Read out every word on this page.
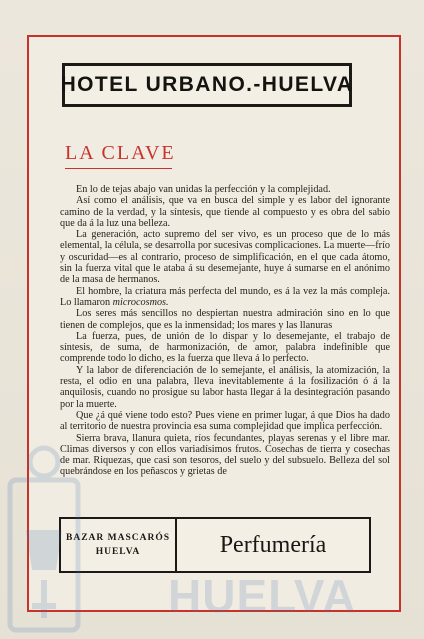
HOTEL URBANO.-HUELVA
LA CLAVE

En lo de tejas abajo van unidas la perfección y la complejidad.

Así como el análisis, que va en busca del simple y es labor del ignorante camino de la verdad, y la síntesis, que tiende al compuesto y es obra del sabio que da á la luz una belleza.

La generación, acto supremo del ser vivo, es un proceso que de lo más elemental, la célula, se desarrolla por sucesivas complicaciones. La muerte—frío y oscuridad—es al contrario, proceso de simplificación, en el que cada átomo, sin la fuerza vital que le ataba á su desemejante, huye á sumarse en el anónimo de la masa de hermanos.

El hombre, la criatura más perfecta del mundo, es á la vez la más compleja. Lo llamaron microcosmos.

Los seres más sencillos no despiertan nuestra admiración sino en lo que tienen de complejos, que es la inmensidad; los mares y las llanuras

La fuerza, pues, de unión de lo dispar y lo desemejante, el trabajo de síntesis, de suma, de harmonización, de amor, palabra indefinible que comprende todo lo dicho, es la fuerza que lleva á lo perfecto.

Y la labor de diferenciación de lo semejante, el análisis, la atomización, la resta, el odio en una palabra, lleva inevitablemente á la fosilización ó á la anquilosis, cuando no prosigue su labor hasta llegar á la desintegración pasando por la muerte.

Que ¿á qué viene todo esto? Pues viene en primer lugar, á que Dios ha dado al territorio de nuestra provincia esa suma complejidad que implica perfección.

Sierra brava, llanura quieta, ríos fecundantes, playas serenas y el libre mar. Climas diversos y con ellos variadísimos frutos. Cosechas de tierra y cosechas de mar. Riquezas, que casi son tesoros, del suelo y del subsuelo. Belleza del sol quebrándose en los peñascos y grietas de

BAZAR MASCARÓS
HUELVA	Perfumería
HUELVA
